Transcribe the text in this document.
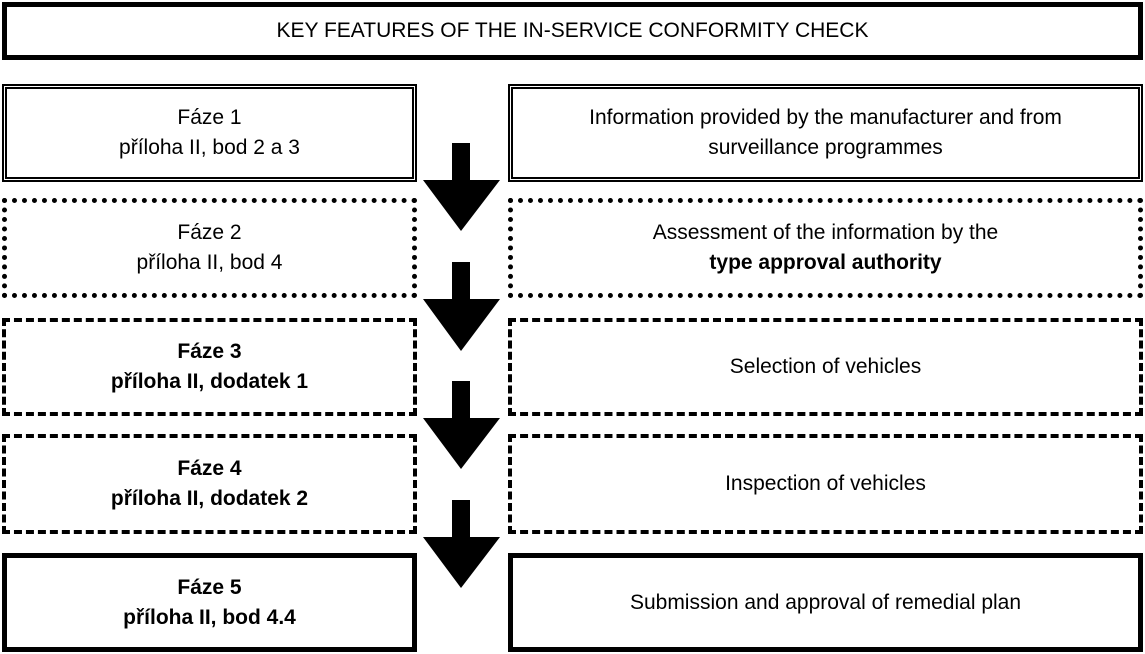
KEY FEATURES OF THE IN-SERVICE CONFORMITY CHECK
Fáze 1
příloha II, bod 2 a 3
Information provided by the manufacturer and from
surveillance programmes
Fáze 2
příloha II, bod 4
Assessment of the information by the
type approval authority
Fáze 3
příloha II, dodatek 1
Selection of vehicles
Fáze 4
příloha II, dodatek 2
Inspection of vehicles
Fáze 5
příloha II, bod 4.4
Submission and approval of remedial plan
